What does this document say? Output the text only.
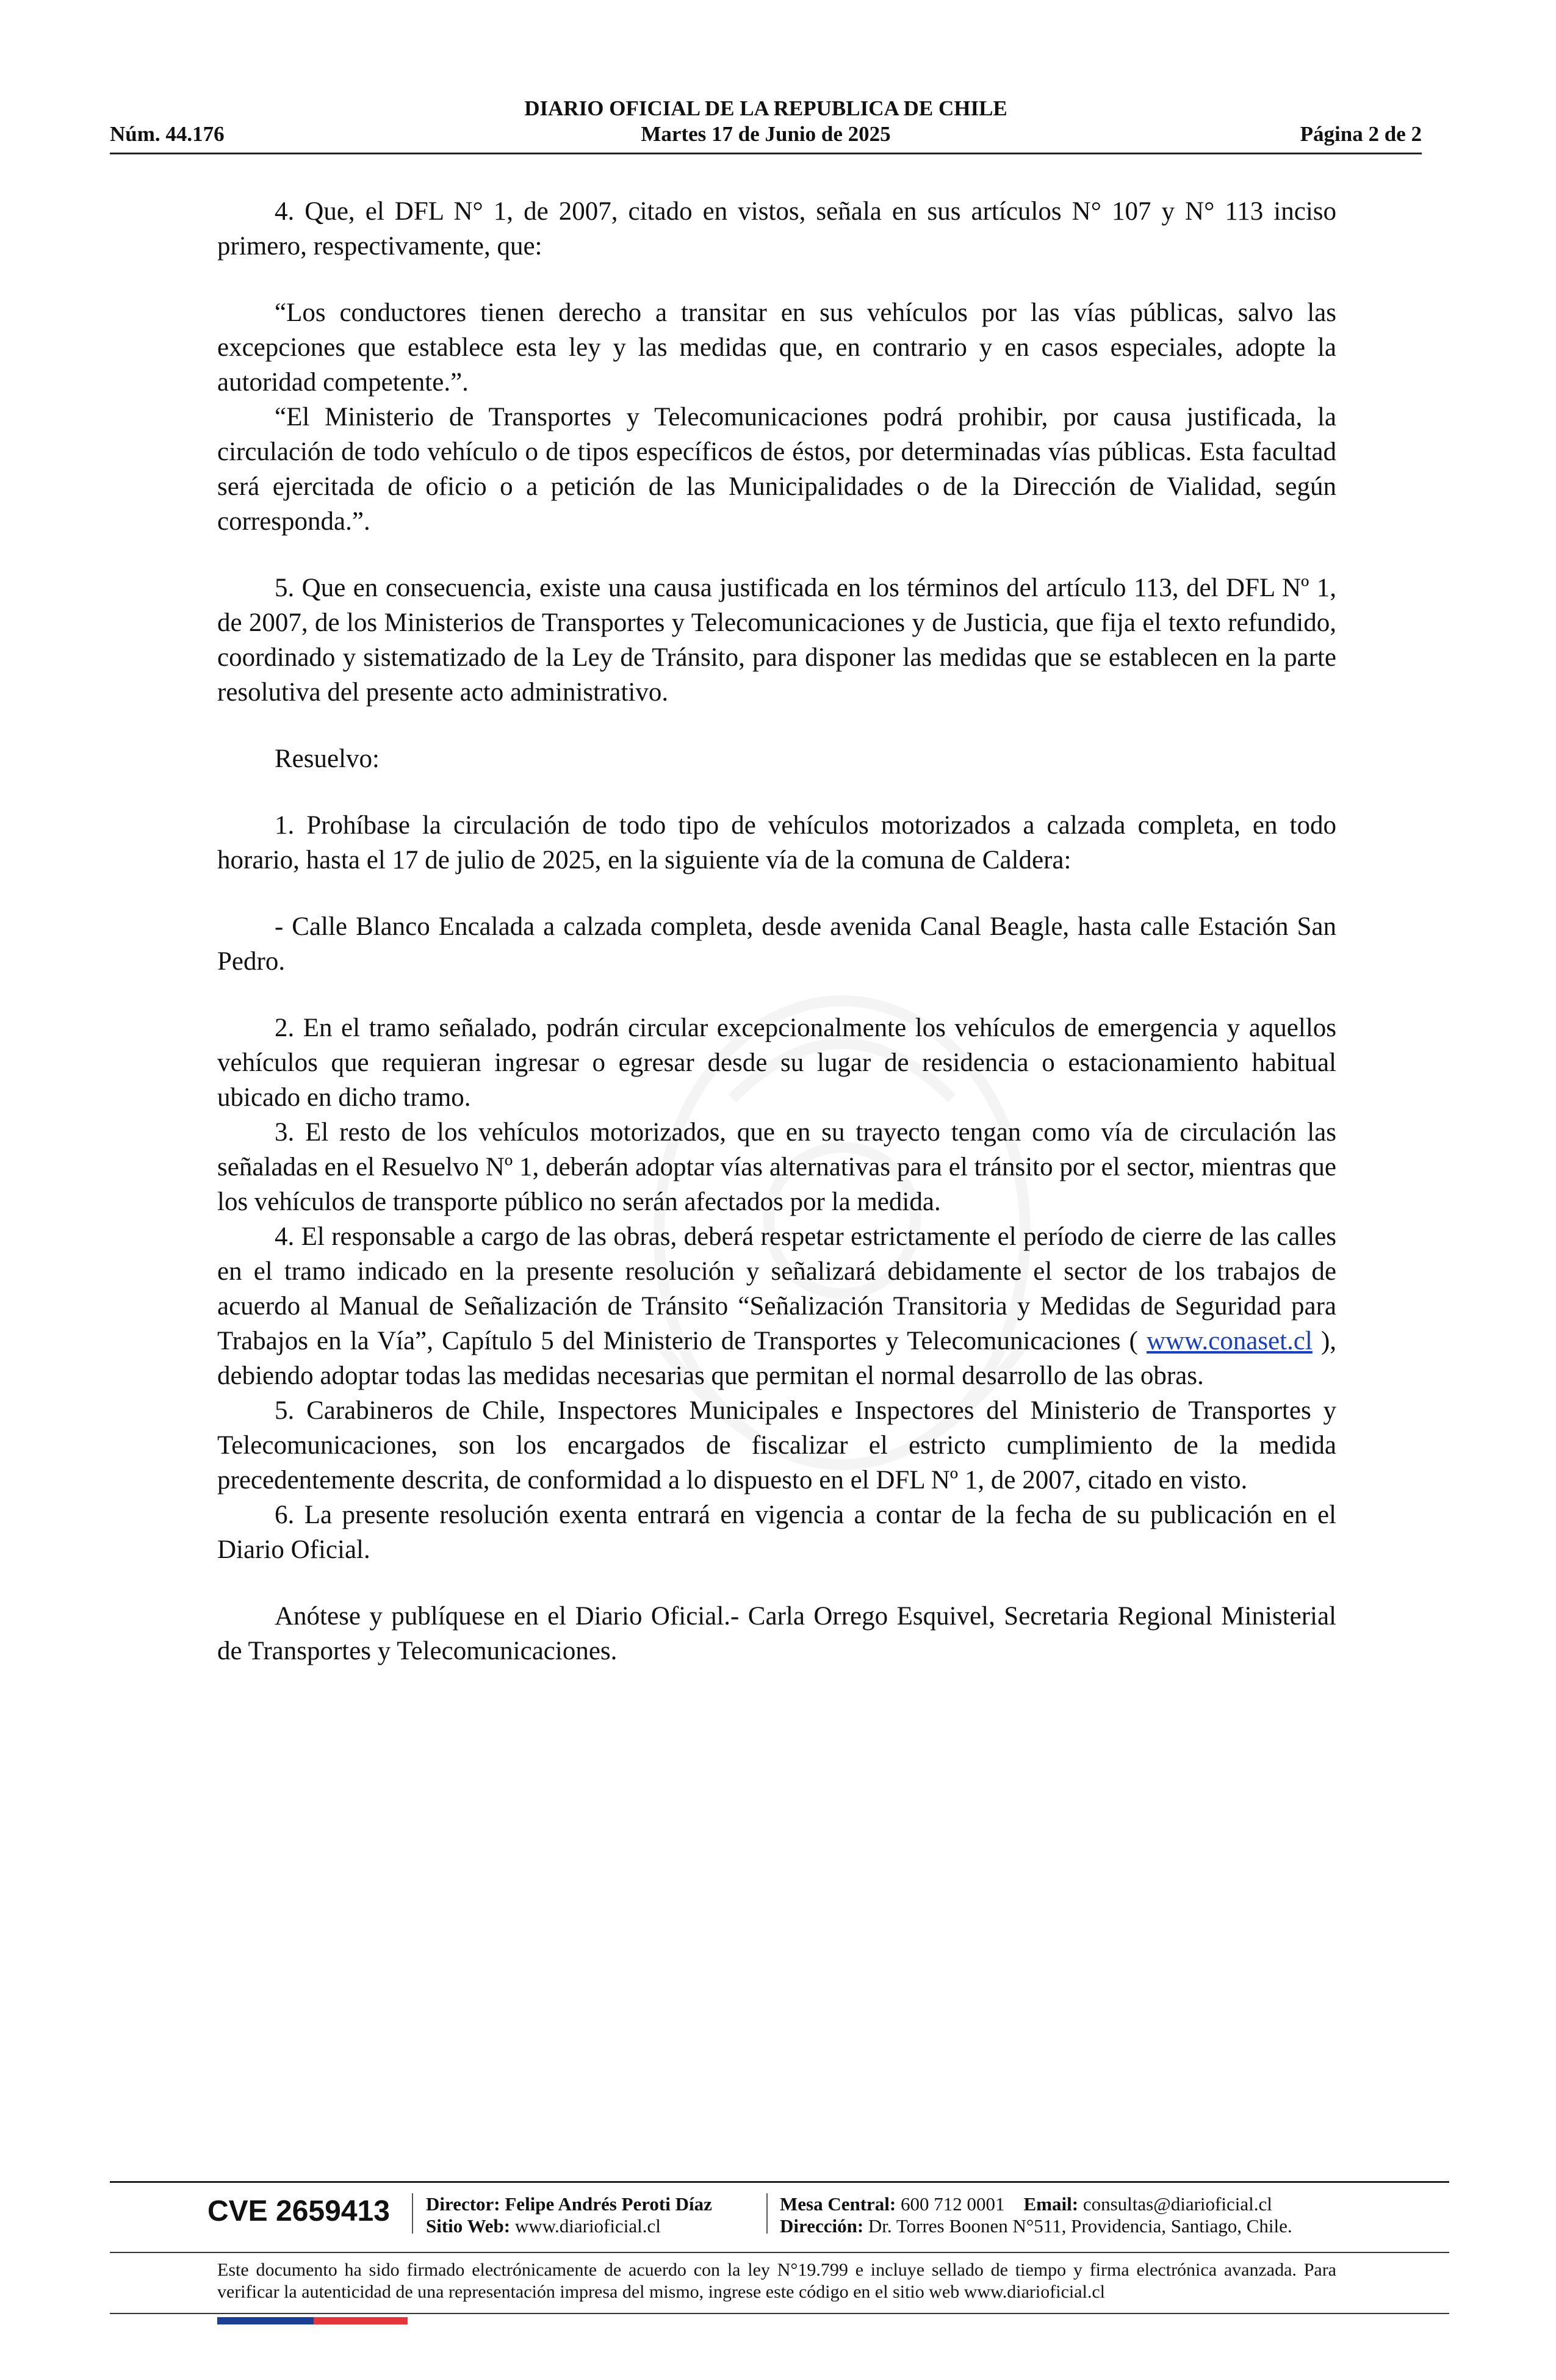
DIARIO OFICIAL DE LA REPUBLICA DE CHILE
Núm. 44.176	Martes 17 de Junio de 2025	Página 2 de 2

4. Que, el DFL N° 1, de 2007, citado en vistos, señala en sus artículos N° 107 y N° 113 inciso primero, respectivamente, que:

“Los conductores tienen derecho a transitar en sus vehículos por las vías públicas, salvo las excepciones que establece esta ley y las medidas que, en contrario y en casos especiales, adopte la autoridad competente.”.

“El Ministerio de Transportes y Telecomunicaciones podrá prohibir, por causa justificada, la circulación de todo vehículo o de tipos específicos de éstos, por determinadas vías públicas. Esta facultad será ejercitada de oficio o a petición de las Municipalidades o de la Dirección de Vialidad, según corresponda.”.

5. Que en consecuencia, existe una causa justificada en los términos del artículo 113, del DFL Nº 1, de 2007, de los Ministerios de Transportes y Telecomunicaciones y de Justicia, que fija el texto refundido, coordinado y sistematizado de la Ley de Tránsito, para disponer las medidas que se establecen en la parte resolutiva del presente acto administrativo.

Resuelvo:

1. Prohíbase la circulación de todo tipo de vehículos motorizados a calzada completa, en todo horario, hasta el 17 de julio de 2025, en la siguiente vía de la comuna de Caldera:

- Calle Blanco Encalada a calzada completa, desde avenida Canal Beagle, hasta calle Estación San Pedro.

2. En el tramo señalado, podrán circular excepcionalmente los vehículos de emergencia y aquellos vehículos que requieran ingresar o egresar desde su lugar de residencia o estacionamiento habitual ubicado en dicho tramo.

3. El resto de los vehículos motorizados, que en su trayecto tengan como vía de circulación las señaladas en el Resuelvo Nº 1, deberán adoptar vías alternativas para el tránsito por el sector, mientras que los vehículos de transporte público no serán afectados por la medida.

4. El responsable a cargo de las obras, deberá respetar estrictamente el período de cierre de las calles en el tramo indicado en la presente resolución y señalizará debidamente el sector de los trabajos de acuerdo al Manual de Señalización de Tránsito “Señalización Transitoria y Medidas de Seguridad para Trabajos en la Vía”, Capítulo 5 del Ministerio de Transportes y Telecomunicaciones ( www.conaset.cl ), debiendo adoptar todas las medidas necesarias que permitan el normal desarrollo de las obras.

5. Carabineros de Chile, Inspectores Municipales e Inspectores del Ministerio de Transportes y Telecomunicaciones, son los encargados de fiscalizar el estricto cumplimiento de la medida precedentemente descrita, de conformidad a lo dispuesto en el DFL Nº 1, de 2007, citado en visto.

6. La presente resolución exenta entrará en vigencia a contar de la fecha de su publicación en el Diario Oficial.

Anótese y publíquese en el Diario Oficial.- Carla Orrego Esquivel, Secretaria Regional Ministerial de Transportes y Telecomunicaciones.

CVE 2659413 Director: Felipe Andrés Peroti Díaz
Sitio Web: www.diarioficial.cl
Mesa Central: 600 712 0001 Email: consultas@diarioficial.cl
Dirección: Dr. Torres Boonen N°511, Providencia, Santiago, Chile.
Este documento ha sido firmado electrónicamente de acuerdo con la ley N°19.799 e incluye sellado de tiempo y firma electrónica avanzada. Para verificar la autenticidad de una representación impresa del mismo, ingrese este código en el sitio web www.diarioficial.cl
